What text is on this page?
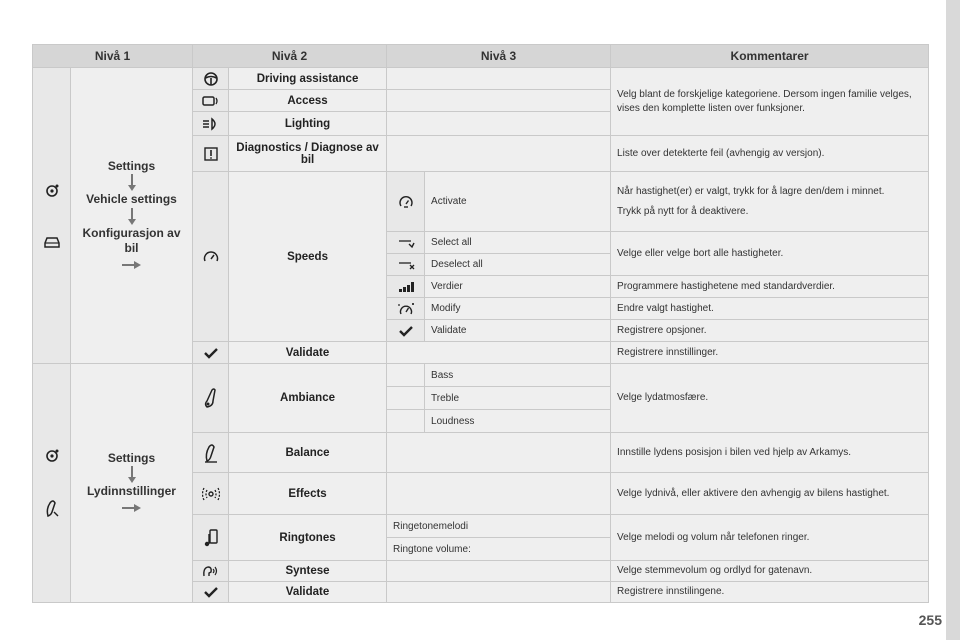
Nivå 1		Nivå 2		Nivå 3		Kommentarer

Settings
Vehicle settings
Konfigurasjon av bil		Driving assistance			Velg blant de forskjelige kategoriene. Dersom ingen familie velges, vises den komplette listen over funksjoner.
	Access			
	Lighting			
	Diagnostics / Diagnose av bil			Liste over detekterte feil (avhengig av versjon).
	Speeds		Activate	Når hastighet(er) er valgt, trykk for å lagre den/dem i minnet.
Trykk på nytt for å deaktivere.

	Select all	Velge eller velge bort alle hastigheter.
	Deselect all	
	Verdier	Programmere hastighetene med standardverdier.
	Modify	Endre valgt hastighet.
	Validate	Registrere opsjoner.
	Validate			Registrere innstillinger.

Settings
Lydinnstillinger		Ambiance		Bass	Velge lydatmosfære.
					Treble	
					Loudness	
	Balance			Innstille lydens posisjon i bilen ved hjelp av Arkamys.
	Effects			Velge lydnivå, eller aktivere den avhengig av bilens hastighet.
	Ringtones	Ringetonemelodi		Velge melodi og volum når telefonen ringer.
				Ringtone volume:		
	Syntese			Velge stemmevolum og ordlyd for gatenavn.
	Validate			Registrere innstilingene.
255
